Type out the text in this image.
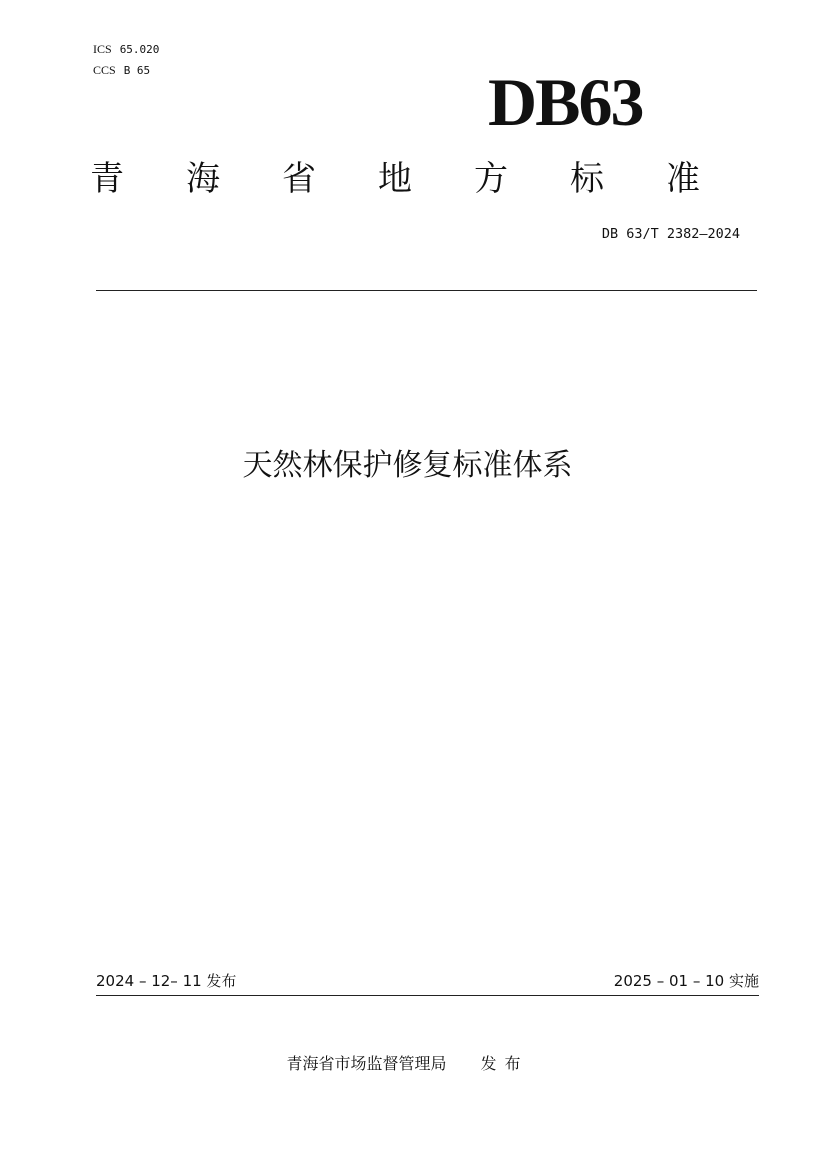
ICS 65.020
CCS B 65	DB63
青 海 省 地 方 标 准
DB 63/T 2382—2024
天然林保护修复标准体系
2024 – 12– 11 发布	2025 – 01 – 10 实施
青海省市场监督管理局 发布
